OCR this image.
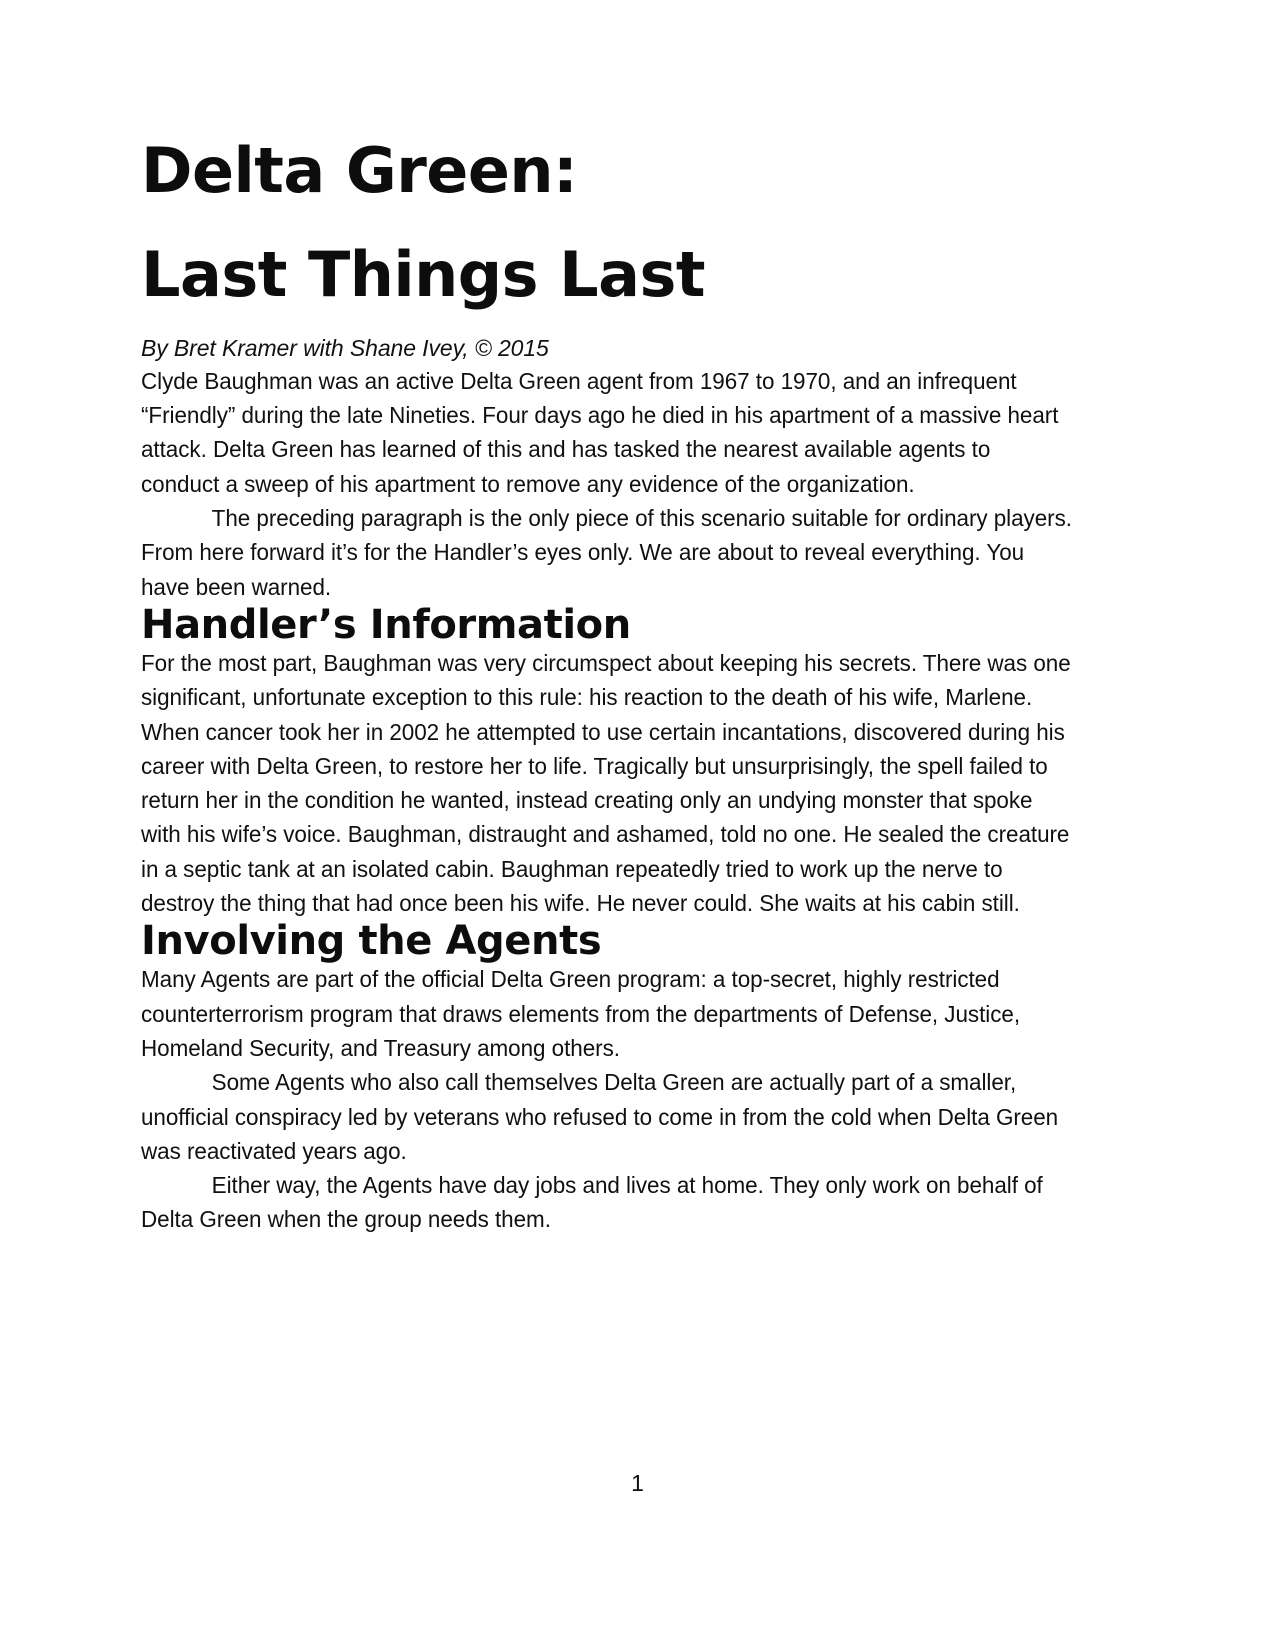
Delta Green:
Last Things Last

By Bret Kramer with Shane Ivey, © 2015

Clyde Baughman was an active Delta Green agent from 1967 to 1970, and an infrequent “Friendly” during the late Nineties. Four days ago he died in his apartment of a massive heart attack. Delta Green has learned of this and has tasked the nearest available agents to conduct a sweep of his apartment to remove any evidence of the organization.

The preceding paragraph is the only piece of this scenario suitable for ordinary players. From here forward it’s for the Handler’s eyes only. We are about to reveal everything. You have been warned.

Handler’s Information

For the most part, Baughman was very circumspect about keeping his secrets. There was one significant, unfortunate exception to this rule: his reaction to the death of his wife, Marlene. When cancer took her in 2002 he attempted to use certain incantations, discovered during his career with Delta Green, to restore her to life. Tragically but unsurprisingly, the spell failed to return her in the condition he wanted, instead creating only an undying monster that spoke with his wife’s voice. Baughman, distraught and ashamed, told no one. He sealed the creature in a septic tank at an isolated cabin. Baughman repeatedly tried to work up the nerve to destroy the thing that had once been his wife. He never could. She waits at his cabin still.

Involving the Agents

Many Agents are part of the official Delta Green program: a top-secret, highly restricted counterterrorism program that draws elements from the departments of Defense, Justice, Homeland Security, and Treasury among others.

Some Agents who also call themselves Delta Green are actually part of a smaller, unofficial conspiracy led by veterans who refused to come in from the cold when Delta Green was reactivated years ago.

Either way, the Agents have day jobs and lives at home. They only work on behalf of Delta Green when the group needs them.

1
